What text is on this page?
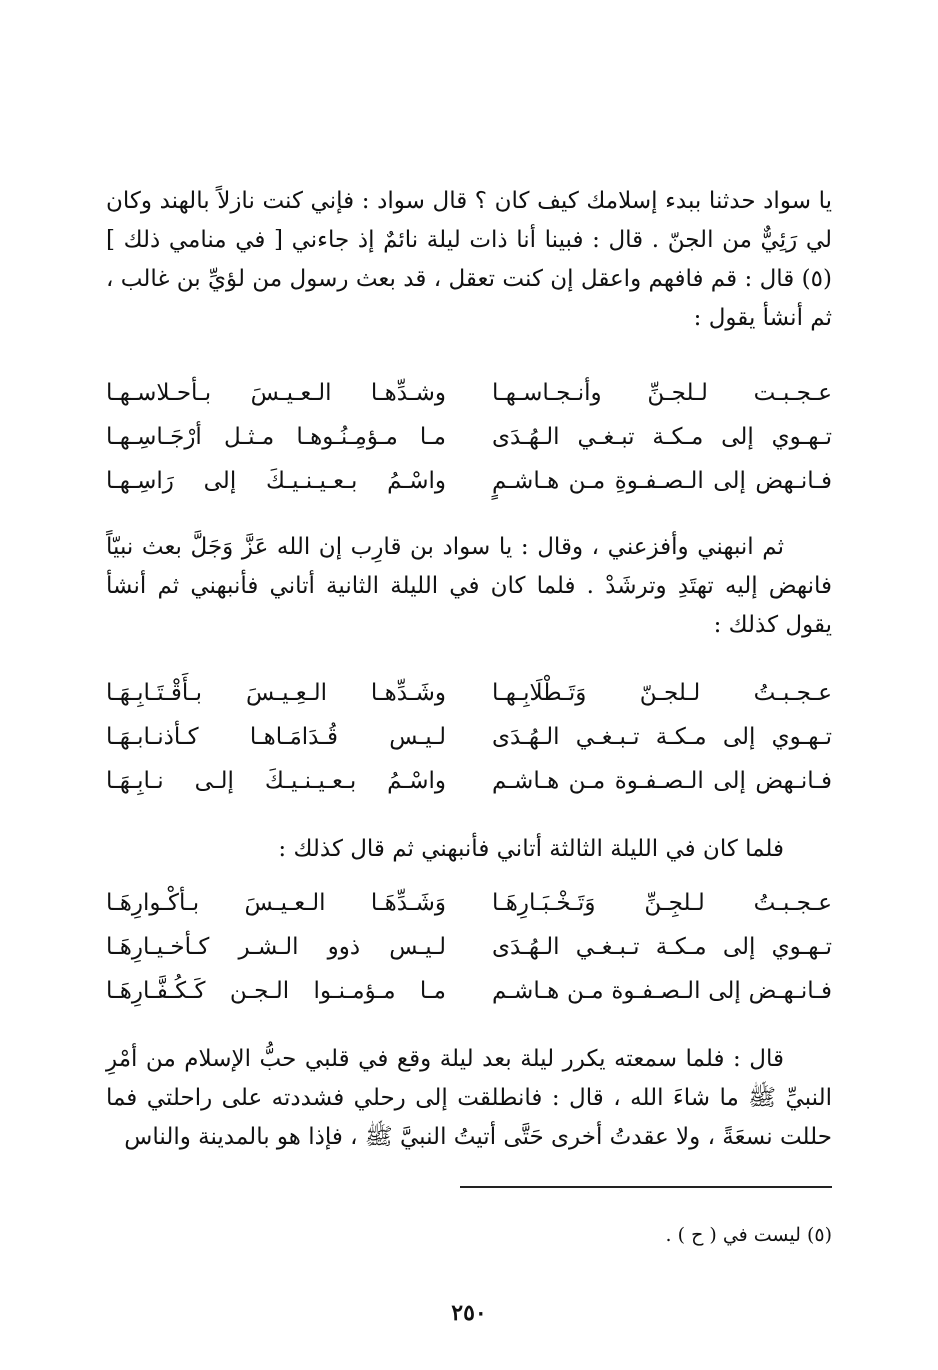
يا سواد حدثنا ببدء إسلامك كيف كان ؟ قال سواد : فإني كنت نازلاً بالهند وكان لي رَئِيٌّ من الجنّ . قال : فبينا أنا ذات ليلة نائمٌ إذ جاءني [ في منامي ذلك ](٥) قال : قم فافهم واعقل إن كنت تعقل ، قد بعث رسول من لؤيِّ بن غالب ، ثم أنشأ يقول :

عـجـبـت لـلجـنِّ وأنـجـاسـهـا
وشـدِّهـا الـعـيـسَ بـأحـلاسـهـا
تـهـوي إلى مـكـة تبـغـي الـهُـدَى
مـا مـؤمِـنُـوهـا مـثـل أرْجَـاسِـهـا
فـانـهض إلى الـصـفـوةِ مـن هـاشـمٍ
واسْـمُ بـعـيـنـيـكَ إلى رَاسِـهـا

ثم انبهني وأفزعني ، وقال : يا سواد بن قارِب إن الله عَزَّ وَجَلَّ بعث نبيّاً فانهض إليه تهتَدِ وترشَدْ . فلما كان في الليلة الثانية أتاني فأنبهني ثم أنشأ يقول كذلك :

عـجـبـتُ لـلجـنّ وَتَـطْلَابِـهـا
وشَـدِّهـا الـعِـيـسَ بـأَقْـتَـابِـهَـا
تـهـوي إلى مـكـة تـبـغـي الـهُـدَى
لـيـس قُـدَامَـاهـا كـأذنـابـهَـا
فـانـهض إلى الـصـفـوة مـن هـاشـم
واسْـمُ بـعـيـنـيـكَ إلـى نـابِـهَـا

فلما كان في الليلة الثالثة أتاني فأنبهني ثم قال كذلك :

عـجـبـتُ لـلجِـنِّ وَتَـخْـبَـارِهَـا
وَشَـدِّهَـا الـعـيـسَ بـأكْـوارِهَـا
تـهـوي إلى مـكـة تـبـغـي الـهُـدَى
لـيـس ذوو الـشـر كـأخـيـارِهَـا
فـانـهـض إلى الـصـفـوة مـن هـاشـم
مـا مـؤمـنـوا الـجـن كَـكُـفَّـارِهَـا

قال : فلما سمعته يكرر ليلة بعد ليلة وقع في قلبي حبُّ الإسلام من أمْرِ النبيِّ ﷺ ما شاءَ الله ، قال : فانطلقت إلى رحلي فشددته على راحلتي فما حللت نسعَةً ، ولا عقدتُ أخرى حَتَّى أتيتُ النبيَّ ﷺ ، فإذا هو بالمدينة والناس

(٥) ليست في ( ح ) .

٢٥٠
